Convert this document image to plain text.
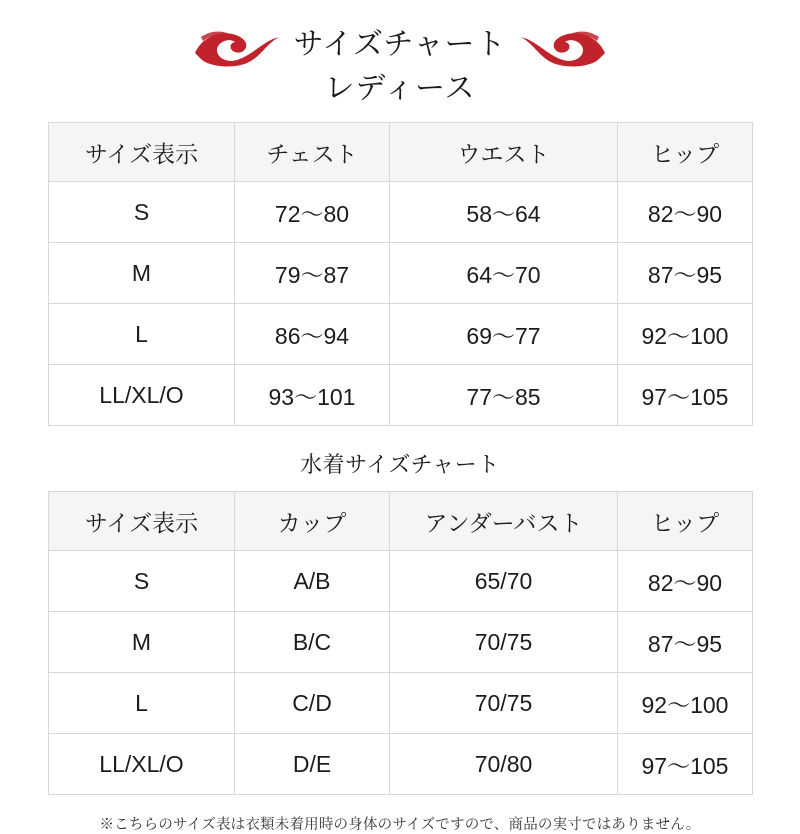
サイズチャート
レディース
サイズ表示	チェスト	ウエスト	ヒップ
S	72〜80	58〜64	82〜90
M	79〜87	64〜70	87〜95
L	86〜94	69〜77	92〜100
LL/XL/O	93〜101	77〜85	97〜105
水着サイズチャート
サイズ表示	カップ	アンダーバスト	ヒップ
S	A/B	65/70	82〜90
M	B/C	70/75	87〜95
L	C/D	70/75	92〜100
LL/XL/O	D/E	70/80	97〜105
※こちらのサイズ表は衣類未着用時の身体のサイズですので、商品の実寸ではありません。
